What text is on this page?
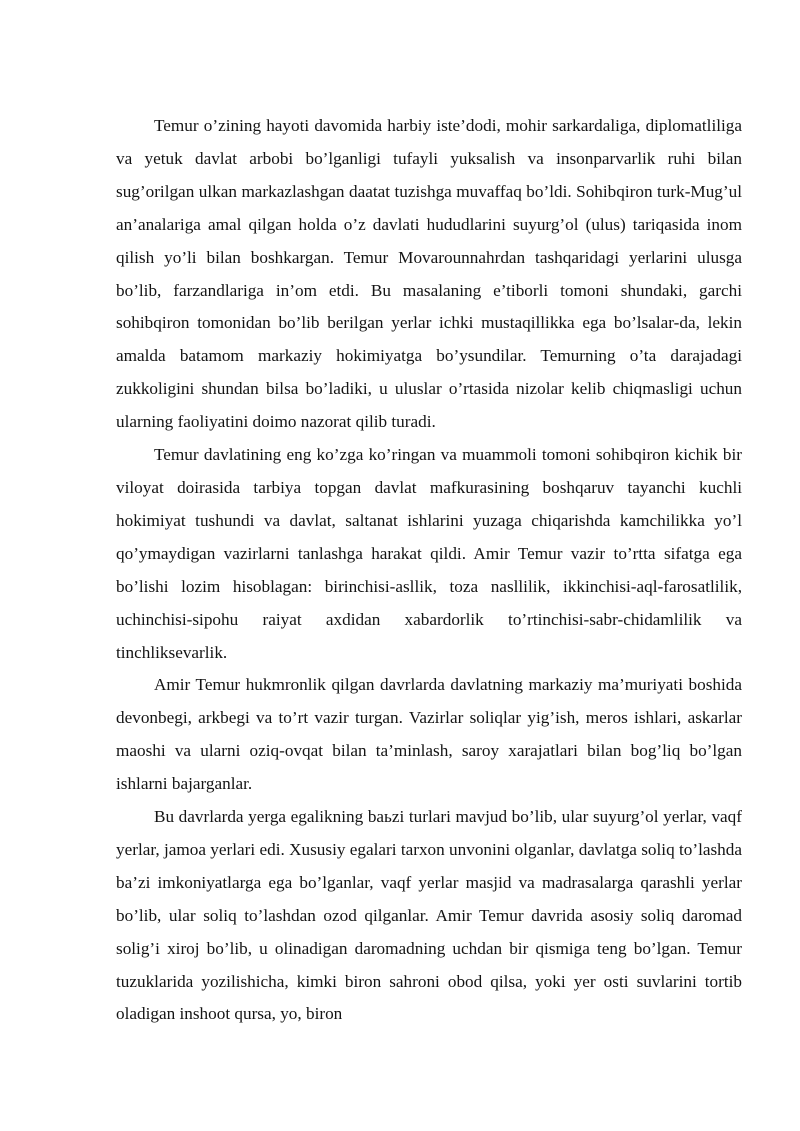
Temur o’zining hayoti davomida harbiy iste’dodi, mohir sarkardaliga, diplomatliliga va yetuk davlat arbobi bo’lganligi tufayli yuksalish va insonparvarlik ruhi bilan sug’orilgan ulkan markazlashgan daatat tuzishga muvaffaq bo’ldi. Sohibqiron turk-Mug’ul an’analariga amal qilgan holda o’z davlati hududlarini suyurg’ol (ulus) tariqasida inom qilish yo’li bilan boshkargan. Temur Movarounnahrdan tashqaridagi yerlarini ulusga bo’lib, farzandlariga in’om etdi. Bu masalaning e’tiborli tomoni shundaki, garchi sohibqiron tomonidan bo’lib berilgan yerlar ichki mustaqillikka ega bo’lsalar-da, lekin amalda batamom markaziy hokimiyatga bo’ysundilar. Temurning o’ta darajadagi zukkoligini shundan bilsa bo’ladiki, u uluslar o’rtasida nizolar kelib chiqmasligi uchun ularning faoliyatini doimo nazorat qilib turadi.

Temur davlatining eng ko’zga ko’ringan va muammoli tomoni sohibqiron kichik bir viloyat doirasida tarbiya topgan davlat mafkurasining boshqaruv tayanchi kuchli hokimiyat tushundi va davlat, saltanat ishlarini yuzaga chiqarishda kamchilikka yo’l qo’ymaydigan vazirlarni tanlashga harakat qildi. Amir Temur vazir to’rtta sifatga ega bo’lishi lozim hisoblagan: birinchisi-asllik, toza nasllilik, ikkinchisi-aql-farosatlilik, uchinchisi-sipohu raiyat axdidan xabardorlik to’rtinchisi-sabr-chidamlilik va tinchliksevarlik.

Amir Temur hukmronlik qilgan davrlarda davlatning markaziy ma’muriyati boshida devonbegi, arkbegi va to’rt vazir turgan. Vazirlar soliqlar yig’ish, meros ishlari, askarlar maoshi va ularni oziq-ovqat bilan ta’minlash, saroy xarajatlari bilan bog’liq bo’lgan ishlarni bajarganlar.

Bu davrlarda yerga egalikning baьzi turlari mavjud bo’lib, ular suyurg’ol yerlar, vaqf yerlar, jamoa yerlari edi. Xususiy egalari tarxon unvonini olganlar, davlatga soliq to’lashda ba’zi imkoniyatlarga ega bo’lganlar, vaqf yerlar masjid va madrasalarga qarashli yerlar bo’lib, ular soliq to’lashdan ozod qilganlar. Amir Temur davrida asosiy soliq daromad solig’i xiroj bo’lib, u olinadigan daromadning uchdan bir qismiga teng bo’lgan. Temur tuzuklarida yozilishicha, kimki biron sahroni obod qilsa, yoki yer osti suvlarini tortib oladigan inshoot qursa, yo, biron
